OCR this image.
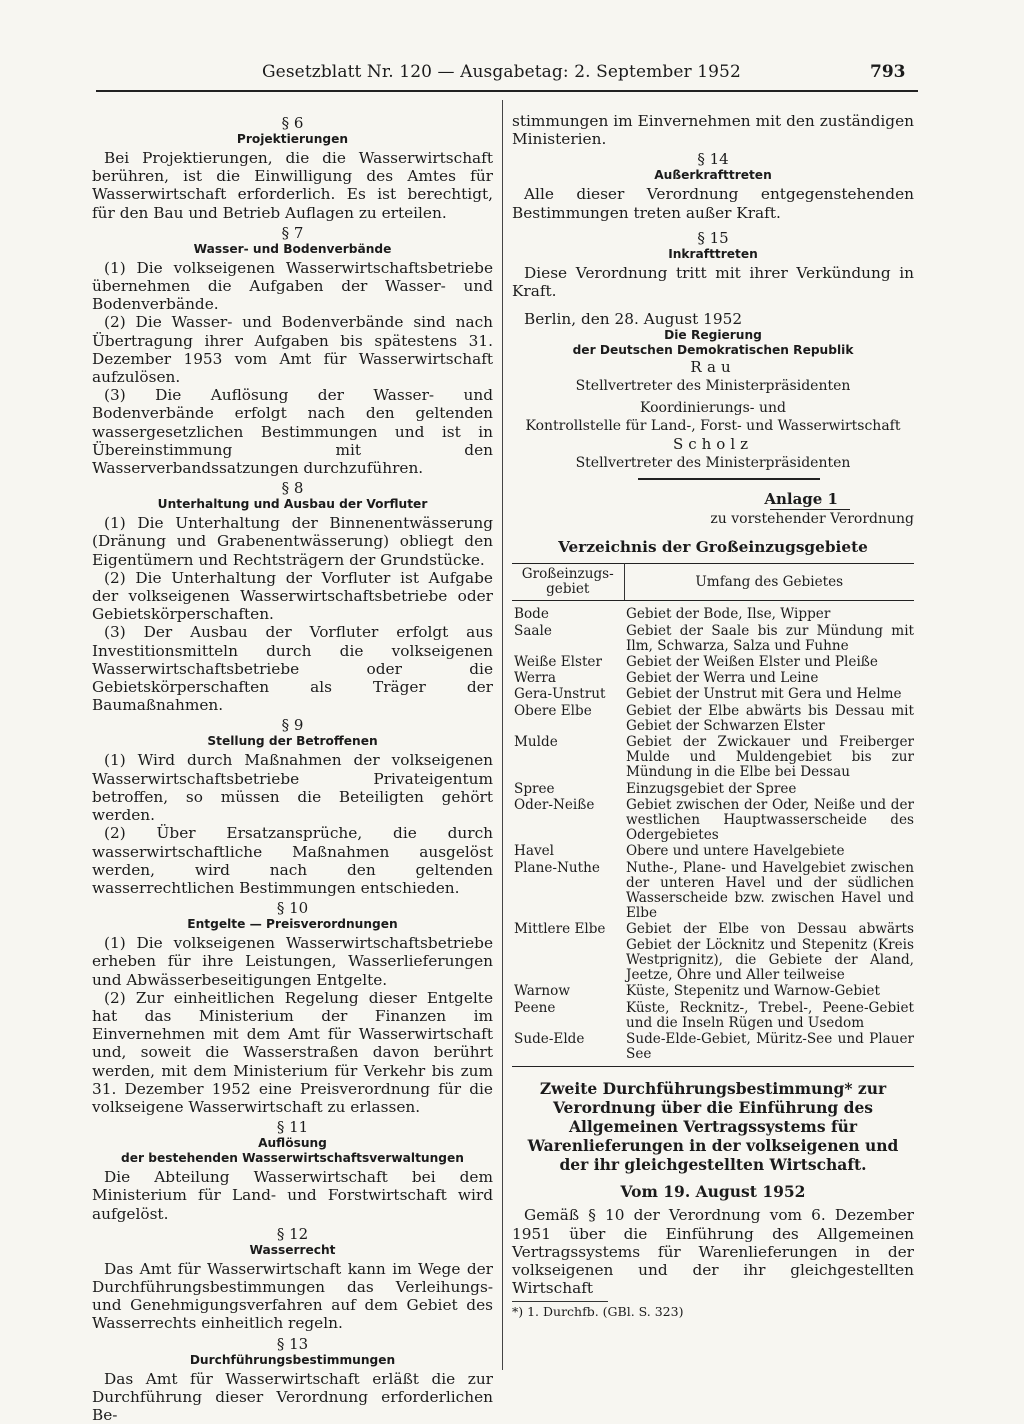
Gesetzblatt Nr. 120 — Ausgabetag: 2. September 1952	793
§ 6
Projektierungen

Bei Projektierungen, die die Wasserwirtschaft berühren, ist die Einwilligung des Amtes für Wasserwirtschaft erforderlich. Es ist berechtigt, für den Bau und Betrieb Auflagen zu erteilen.

§ 7
Wasser- und Bodenverbände

(1) Die volkseigenen Wasserwirtschaftsbetriebe übernehmen die Aufgaben der Wasser- und Bodenverbände.

(2) Die Wasser- und Bodenverbände sind nach Übertragung ihrer Aufgaben bis spätestens 31. Dezember 1953 vom Amt für Wasserwirtschaft aufzulösen.

(3) Die Auflösung der Wasser- und Bodenverbände erfolgt nach den geltenden wassergesetzlichen Bestimmungen und ist in Übereinstimmung mit den Wasserverbandssatzungen durchzuführen.

§ 8
Unterhaltung und Ausbau der Vorfluter

(1) Die Unterhaltung der Binnenentwässerung (Dränung und Grabenentwässerung) obliegt den Eigentümern und Rechtsträgern der Grundstücke.

(2) Die Unterhaltung der Vorfluter ist Aufgabe der volkseigenen Wasserwirtschaftsbetriebe oder Gebietskörperschaften.

(3) Der Ausbau der Vorfluter erfolgt aus Investitionsmitteln durch die volkseigenen Wasserwirtschaftsbetriebe oder die Gebietskörperschaften als Träger der Baumaßnahmen.

§ 9
Stellung der Betroffenen

(1) Wird durch Maßnahmen der volkseigenen Wasserwirtschaftsbetriebe Privateigentum betroffen, so müssen die Beteiligten gehört werden.

(2) Über Ersatzansprüche, die durch wasserwirtschaftliche Maßnahmen ausgelöst werden, wird nach den geltenden wasserrechtlichen Bestimmungen entschieden.

§ 10
Entgelte — Preisverordnungen

(1) Die volkseigenen Wasserwirtschaftsbetriebe erheben für ihre Leistungen, Wasserlieferungen und Abwässerbeseitigungen Entgelte.

(2) Zur einheitlichen Regelung dieser Entgelte hat das Ministerium der Finanzen im Einvernehmen mit dem Amt für Wasserwirtschaft und, soweit die Wasserstraßen davon berührt werden, mit dem Ministerium für Verkehr bis zum 31. Dezember 1952 eine Preisverordnung für die volkseigene Wasserwirtschaft zu erlassen.

§ 11
Auflösung
der bestehenden Wasserwirtschaftsverwaltungen

Die Abteilung Wasserwirtschaft bei dem Ministerium für Land- und Forstwirtschaft wird aufgelöst.

§ 12
Wasserrecht

Das Amt für Wasserwirtschaft kann im Wege der Durchführungsbestimmungen das Verleihungs- und Genehmigungsverfahren auf dem Gebiet des Wasserrechts einheitlich regeln.

§ 13
Durchführungsbestimmungen

Das Amt für Wasserwirtschaft erläßt die zur Durchführung dieser Verordnung erforderlichen Be-

stimmungen im Einvernehmen mit den zuständigen Ministerien.

§ 14
Außerkrafttreten

Alle dieser Verordnung entgegenstehenden Bestimmungen treten außer Kraft.

§ 15
Inkrafttreten

Diese Verordnung tritt mit ihrer Verkündung in Kraft.

Berlin, den 28. August 1952

Die Regierung
der Deutschen Demokratischen Republik
Rau
Stellvertreter des Ministerpräsidenten
Koordinierungs- und
Kontrollstelle für Land-, Forst- und Wasserwirtschaft
Scholz
Stellvertreter des Ministerpräsidenten
Anlage 1
zu vorstehender Verordnung
Verzeichnis der Großeinzugsgebiete
Großeinzugs- gebiet	Umfang des Gebietes
Bode	Gebiet der Bode, Ilse, Wipper
Saale	Gebiet der Saale bis zur Mündung mit Ilm, Schwarza, Salza und Fuhne
Weiße Elster	Gebiet der Weißen Elster und Pleiße
Werra	Gebiet der Werra und Leine
Gera-Unstrut	Gebiet der Unstrut mit Gera und Helme
Obere Elbe	Gebiet der Elbe abwärts bis Dessau mit Gebiet der Schwarzen Elster
Mulde	Gebiet der Zwickauer und Freiberger Mulde und Muldengebiet bis zur Mündung in die Elbe bei Dessau
Spree	Einzugsgebiet der Spree
Oder-Neiße	Gebiet zwischen der Oder, Neiße und der westlichen Hauptwasserscheide des Odergebietes
Havel	Obere und untere Havelgebiete
Plane-Nuthe	Nuthe-, Plane- und Havelgebiet zwischen der unteren Havel und der südlichen Wasserscheide bzw. zwischen Havel und Elbe
Mittlere Elbe	Gebiet der Elbe von Dessau abwärts Gebiet der Löcknitz und Stepenitz (Kreis Westprignitz), die Gebiete der Aland, Jeetze, Ohre und Aller teilweise
Warnow	Küste, Stepenitz und Warnow-Gebiet
Peene	Küste, Recknitz-, Trebel-, Peene-Gebiet und die Inseln Rügen und Usedom
Sude-Elde	Sude-Elde-Gebiet, Müritz-See und Plauer See
Zweite Durchführungsbestimmung* zur Verordnung über die Einführung des Allgemeinen Vertragssystems für Warenlieferungen in der volkseigenen und der ihr gleichgestellten Wirtschaft.
Vom 19. August 1952

Gemäß § 10 der Verordnung vom 6. Dezember 1951 über die Einführung des Allgemeinen Vertragssystems für Warenlieferungen in der volkseigenen und der ihr gleichgestellten Wirtschaft

*) 1. Durchfb. (GBl. S. 323)
